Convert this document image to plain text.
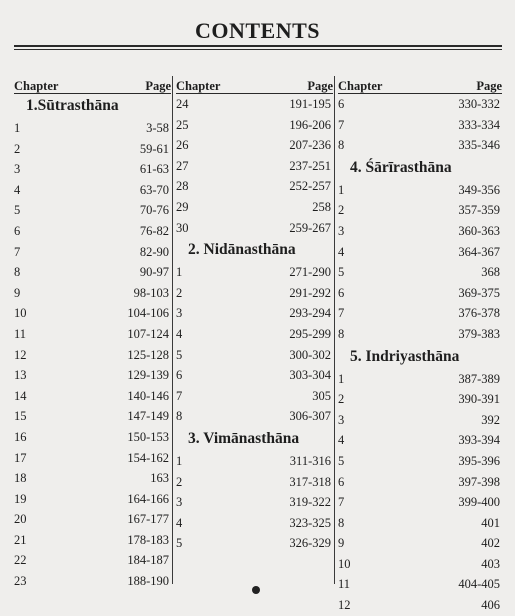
CONTENTS
Chapter	Page
1.Sūtrasthāna
1	3-58
2	59-61
3	61-63
4	63-70
5	70-76
6	76-82
7	82-90
8	90-97
9	98-103
10	104-106
11	107-124
12	125-128
13	129-139
14	140-146
15	147-149
16	150-153
17	154-162
18	163
19	164-166
20	167-177
21	178-183
22	184-187
23	188-190
Chapter	Page
24	191-195
25	196-206
26	207-236
27	237-251
28	252-257
29	258
30	259-267
2. Nidānasthāna
1	271-290
2	291-292
3	293-294
4	295-299
5	300-302
6	303-304
7	305
8	306-307
3. Vimānasthāna
1	311-316
2	317-318
3	319-322
4	323-325
5	326-329
Chapter	Page
6	330-332
7	333-334
8	335-346
4. Śārīrasthāna
1	349-356
2	357-359
3	360-363
4	364-367
5	368
6	369-375
7	376-378
8	379-383
5. Indriyasthāna
1	387-389
2	390-391
3	392
4	393-394
5	395-396
6	397-398
7	399-400
8	401
9	402
10	403
11	404-405
12	406
